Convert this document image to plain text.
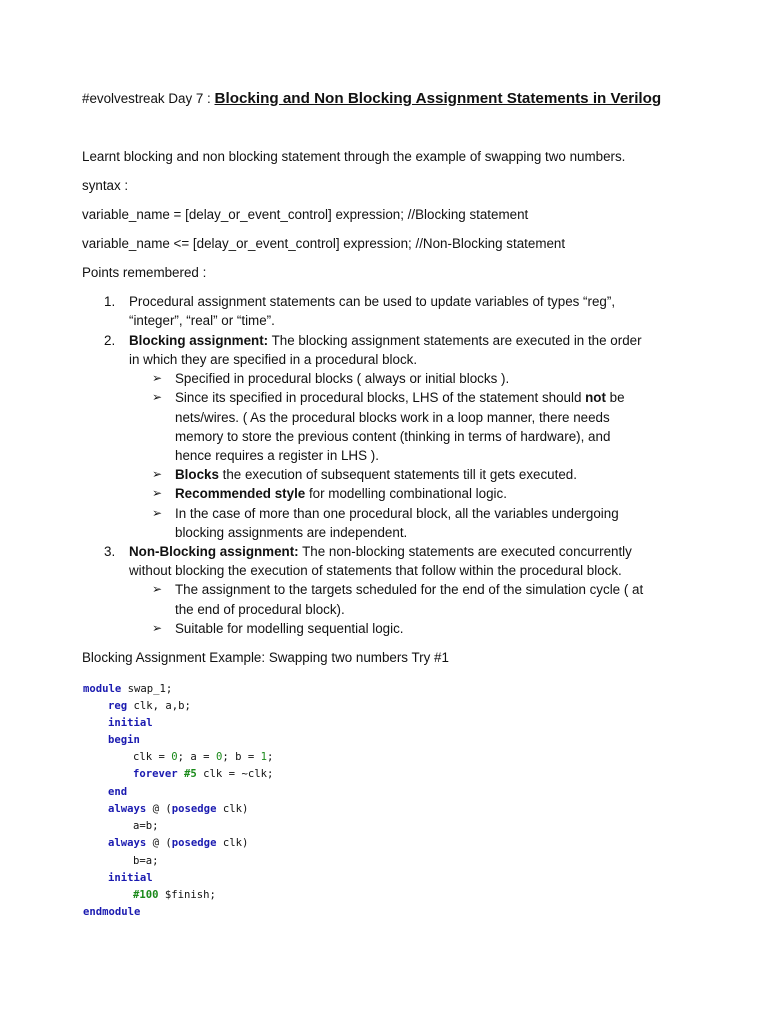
#evolvestreak Day 7 : Blocking and Non Blocking Assignment Statements in Verilog
Learnt blocking and non blocking statement through the example of swapping two numbers.
syntax :
variable_name = [delay_or_event_control] expression; //Blocking statement
variable_name <= [delay_or_event_control] expression; //Non-Blocking statement
Points remembered :
1. Procedural assignment statements can be used to update variables of types “reg”,
“integer”, “real” or “time”.
2. Blocking assignment: The blocking assignment statements are executed in the order
in which they are specified in a procedural block.
➢ Specified in procedural blocks ( always or initial blocks ).
➢ Since its specified in procedural blocks, LHS of the statement should not be
nets/wires. ( As the procedural blocks work in a loop manner, there needs
memory to store the previous content (thinking in terms of hardware), and
hence requires a register in LHS ).
➢ Blocks the execution of subsequent statements till it gets executed.
➢ Recommended style for modelling combinational logic.
➢ In the case of more than one procedural block, all the variables undergoing
blocking assignments are independent.
3. Non-Blocking assignment: The non-blocking statements are executed concurrently
without blocking the execution of statements that follow within the procedural block.
➢ The assignment to the targets scheduled for the end of the simulation cycle ( at
the end of procedural block).
➢ Suitable for modelling sequential logic.
Blocking Assignment Example: Swapping two numbers Try #1
module swap_1;
reg clk, a,b;
initial
begin
clk = 0; a = 0; b = 1;
forever #5 clk = ~clk;
end
always @ (posedge clk)
a=b;
always @ (posedge clk)
b=a;
initial
#100 $finish;
endmodule
